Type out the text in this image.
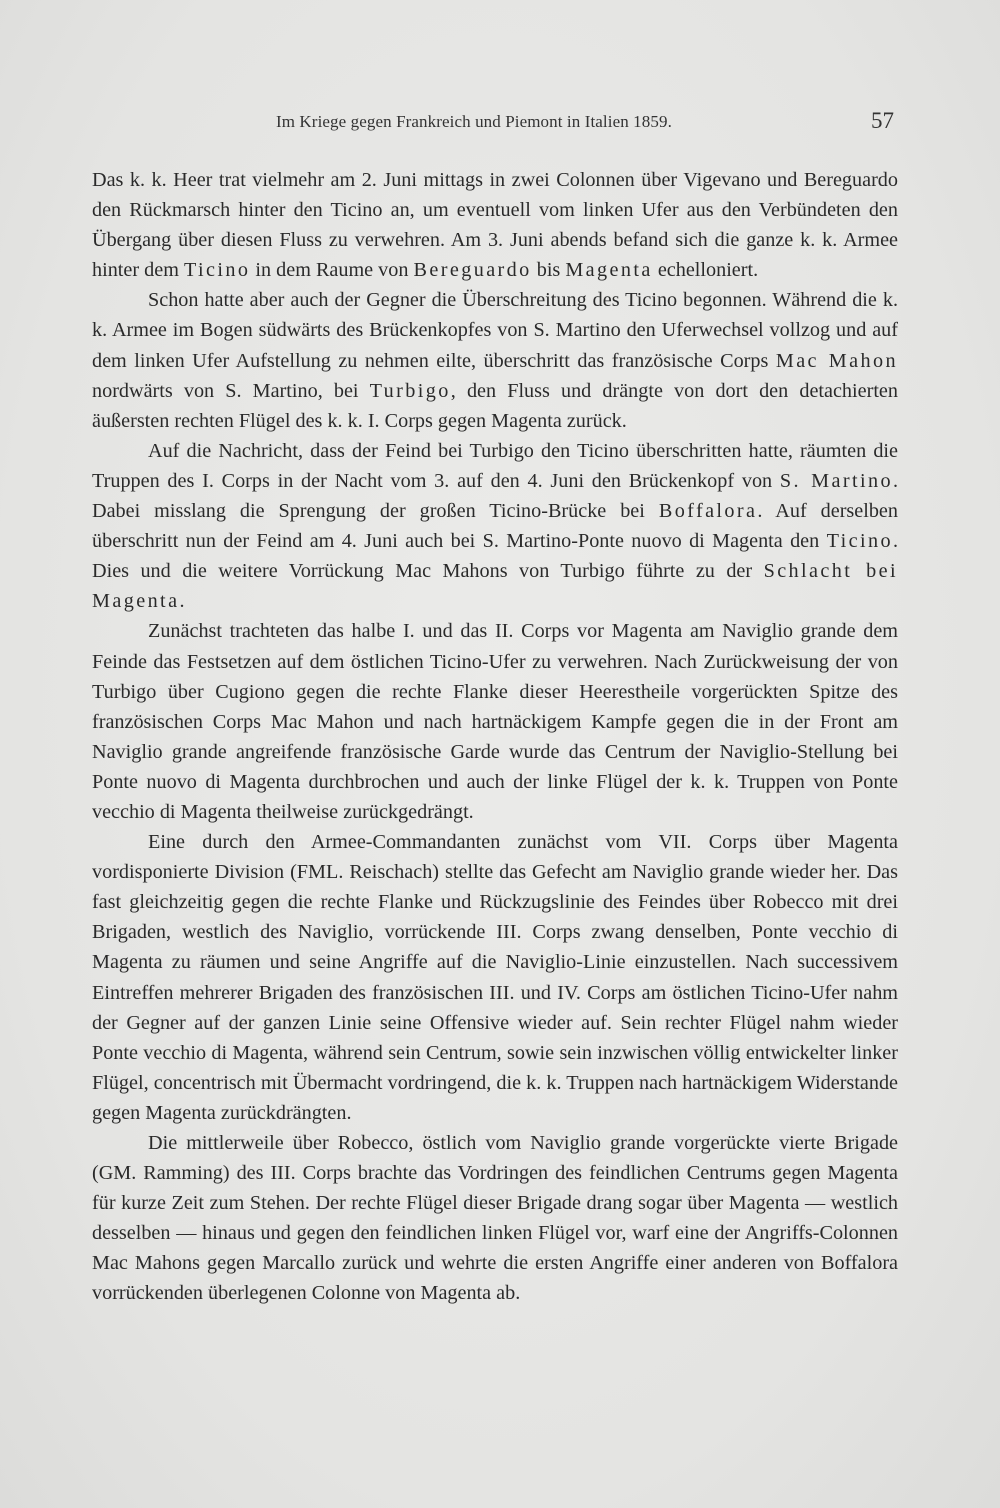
Im Kriege gegen Frankreich und Piemont in Italien 1859.	57

Das k. k. Heer trat vielmehr am 2. Juni mittags in zwei Colonnen über Vigevano und Bereguardo den Rückmarsch hinter den Ticino an, um eventuell vom linken Ufer aus den Verbündeten den Übergang über diesen Fluss zu verwehren. Am 3. Juni abends befand sich die ganze k. k. Armee hinter dem Ticino in dem Raume von Bereguardo bis Magenta echelloniert.

Schon hatte aber auch der Gegner die Überschreitung des Ticino begonnen. Während die k. k. Armee im Bogen südwärts des Brückenkopfes von S. Martino den Uferwechsel vollzog und auf dem linken Ufer Aufstellung zu nehmen eilte, überschritt das französische Corps Mac Mahon nordwärts von S. Martino, bei Turbigo, den Fluss und drängte von dort den detachierten äußersten rechten Flügel des k. k. I. Corps gegen Magenta zurück.

Auf die Nachricht, dass der Feind bei Turbigo den Ticino überschritten hatte, räumten die Truppen des I. Corps in der Nacht vom 3. auf den 4. Juni den Brückenkopf von S. Martino. Dabei misslang die Sprengung der großen Ticino-Brücke bei Boffalora. Auf derselben überschritt nun der Feind am 4. Juni auch bei S. Martino-Ponte nuovo di Magenta den Ticino. Dies und die weitere Vorrückung Mac Mahons von Turbigo führte zu der Schlacht bei Magenta.

Zunächst trachteten das halbe I. und das II. Corps vor Magenta am Naviglio grande dem Feinde das Festsetzen auf dem östlichen Ticino-Ufer zu verwehren. Nach Zurückweisung der von Turbigo über Cugiono gegen die rechte Flanke dieser Heerestheile vorgerückten Spitze des französischen Corps Mac Mahon und nach hartnäckigem Kampfe gegen die in der Front am Naviglio grande angreifende französische Garde wurde das Centrum der Naviglio-Stellung bei Ponte nuovo di Magenta durchbrochen und auch der linke Flügel der k. k. Truppen von Ponte vecchio di Magenta theilweise zurückgedrängt.

Eine durch den Armee-Commandanten zunächst vom VII. Corps über Magenta vordisponierte Division (FML. Reischach) stellte das Gefecht am Naviglio grande wieder her. Das fast gleichzeitig gegen die rechte Flanke und Rückzugslinie des Feindes über Robecco mit drei Brigaden, westlich des Naviglio, vorrückende III. Corps zwang denselben, Ponte vecchio di Magenta zu räumen und seine Angriffe auf die Naviglio-Linie einzustellen. Nach successivem Eintreffen mehrerer Brigaden des französischen III. und IV. Corps am östlichen Ticino-Ufer nahm der Gegner auf der ganzen Linie seine Offensive wieder auf. Sein rechter Flügel nahm wieder Ponte vecchio di Magenta, während sein Centrum, sowie sein inzwischen völlig entwickelter linker Flügel, concentrisch mit Übermacht vordringend, die k. k. Truppen nach hartnäckigem Widerstande gegen Magenta zurückdrängten.

Die mittlerweile über Robecco, östlich vom Naviglio grande vorgerückte vierte Brigade (GM. Ramming) des III. Corps brachte das Vordringen des feindlichen Centrums gegen Magenta für kurze Zeit zum Stehen. Der rechte Flügel dieser Brigade drang sogar über Magenta — westlich desselben — hinaus und gegen den feindlichen linken Flügel vor, warf eine der Angriffs-Colonnen Mac Mahons gegen Marcallo zurück und wehrte die ersten Angriffe einer anderen von Boffalora vorrückenden überlegenen Colonne von Magenta ab.
